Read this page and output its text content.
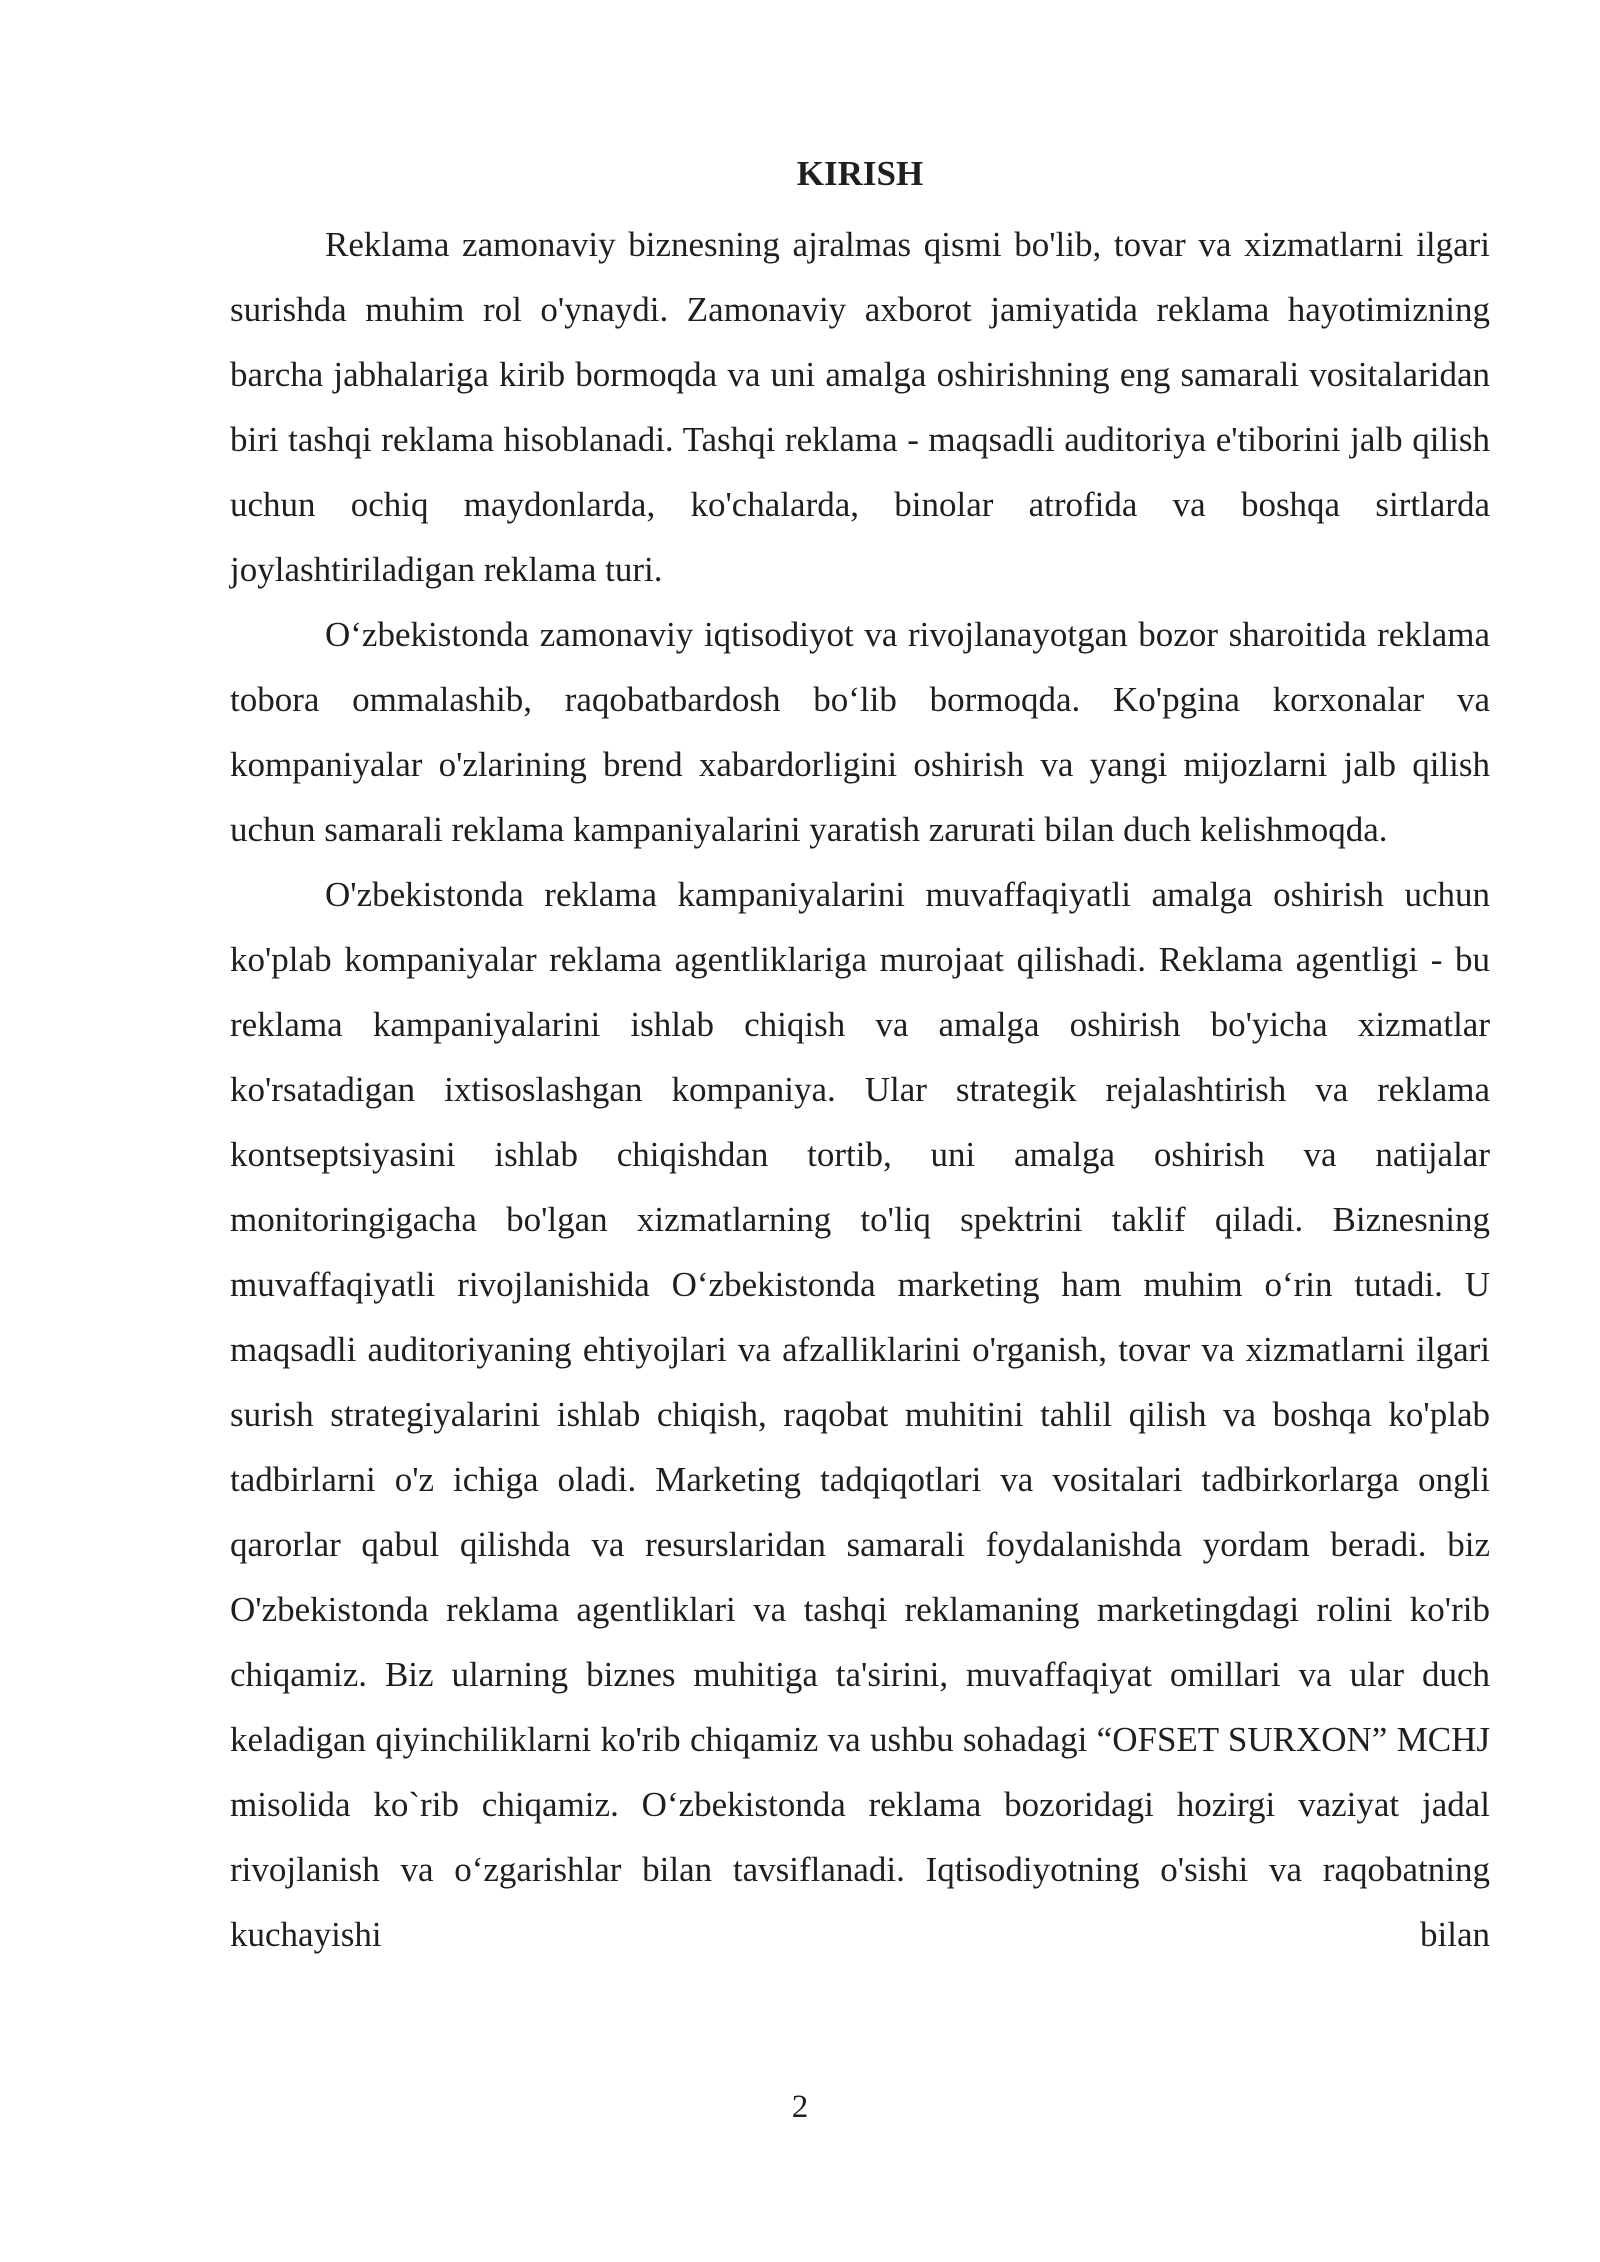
KIRISH

Reklama zamonaviy biznesning ajralmas qismi bo'lib, tovar va xizmatlarni ilgari surishda muhim rol o'ynaydi. Zamonaviy axborot jamiyatida reklama hayotimizning barcha jabhalariga kirib bormoqda va uni amalga oshirishning eng samarali vositalaridan biri tashqi reklama hisoblanadi. Tashqi reklama - maqsadli auditoriya e'tiborini jalb qilish uchun ochiq maydonlarda, ko'chalarda, binolar atrofida va boshqa sirtlarda joylashtiriladigan reklama turi.

O‘zbekistonda zamonaviy iqtisodiyot va rivojlanayotgan bozor sharoitida reklama tobora ommalashib, raqobatbardosh bo‘lib bormoqda. Ko'pgina korxonalar va kompaniyalar o'zlarining brend xabardorligini oshirish va yangi mijozlarni jalb qilish uchun samarali reklama kampaniyalarini yaratish zarurati bilan duch kelishmoqda.

O'zbekistonda reklama kampaniyalarini muvaffaqiyatli amalga oshirish uchun ko'plab kompaniyalar reklama agentliklariga murojaat qilishadi. Reklama agentligi - bu reklama kampaniyalarini ishlab chiqish va amalga oshirish bo'yicha xizmatlar ko'rsatadigan ixtisoslashgan kompaniya. Ular strategik rejalashtirish va reklama kontseptsiyasini ishlab chiqishdan tortib, uni amalga oshirish va natijalar monitoringigacha bo'lgan xizmatlarning to'liq spektrini taklif qiladi. Biznesning muvaffaqiyatli rivojlanishida O‘zbekistonda marketing ham muhim o‘rin tutadi. U maqsadli auditoriyaning ehtiyojlari va afzalliklarini o'rganish, tovar va xizmatlarni ilgari surish strategiyalarini ishlab chiqish, raqobat muhitini tahlil qilish va boshqa ko'plab tadbirlarni o'z ichiga oladi. Marketing tadqiqotlari va vositalari tadbirkorlarga ongli qarorlar qabul qilishda va resurslaridan samarali foydalanishda yordam beradi. biz O'zbekistonda reklama agentliklari va tashqi reklamaning marketingdagi rolini ko'rib chiqamiz. Biz ularning biznes muhitiga ta'sirini, muvaffaqiyat omillari va ular duch keladigan qiyinchiliklarni ko'rib chiqamiz va ushbu sohadagi “OFSET SURXON” MCHJ misolida ko`rib chiqamiz. O‘zbekistonda reklama bozoridagi hozirgi vaziyat jadal rivojlanish va o‘zgarishlar bilan tavsiflanadi. Iqtisodiyotning o'sishi va raqobatning kuchayishi bilan

2
